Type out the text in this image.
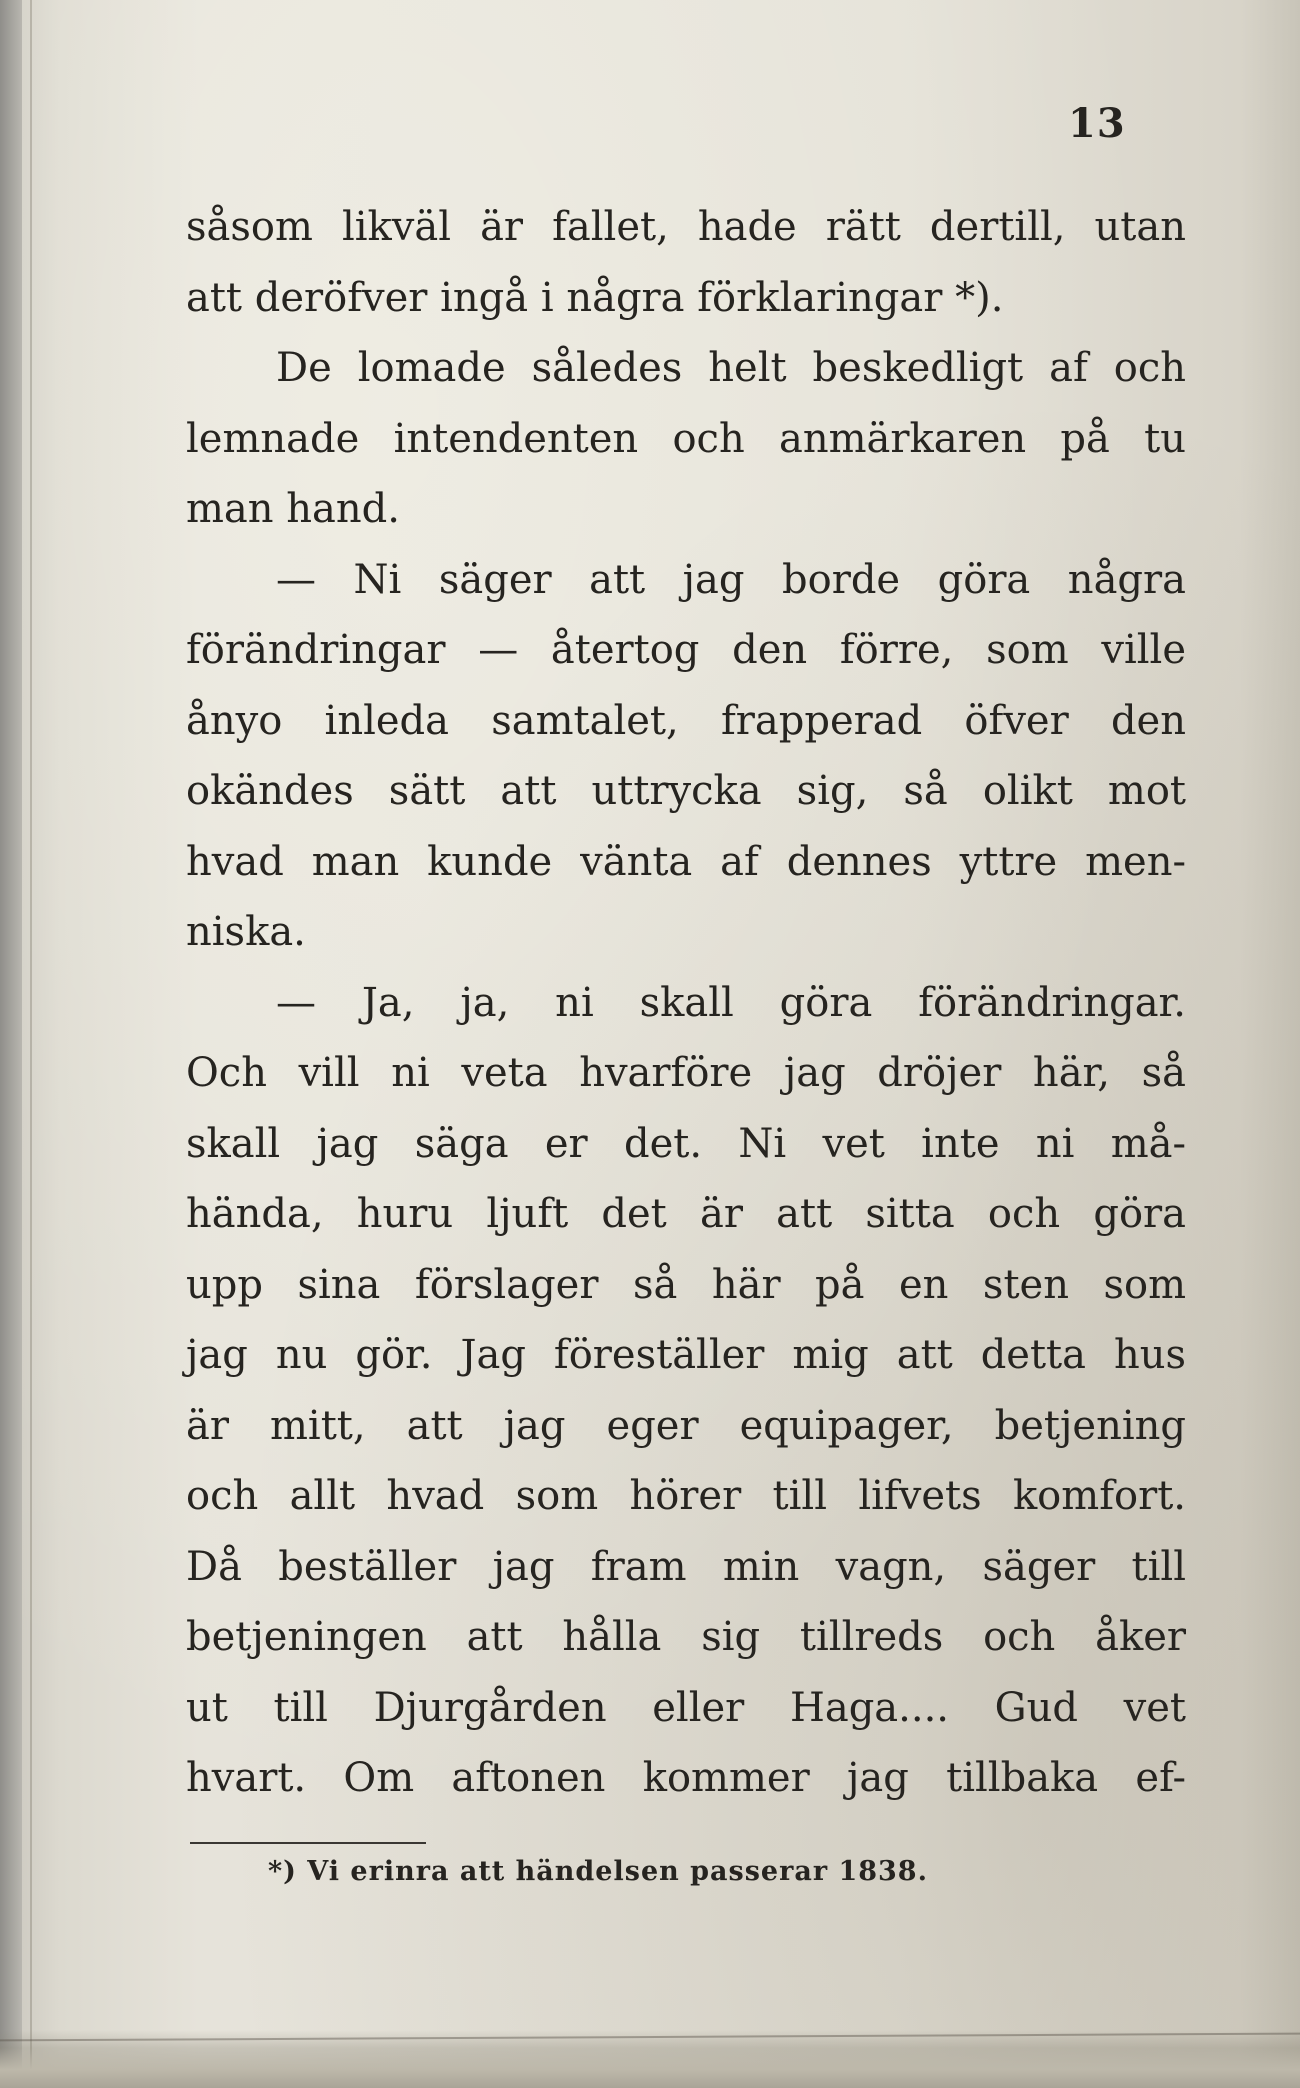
13
såsom likväl är fallet, hade rätt dertill, utan
att deröfver ingå i några förklaringar *).
De lomade således helt beskedligt af och
lemnade intendenten och anmärkaren på tu
man hand.
— Ni säger att jag borde göra några
förändringar — återtog den förre, som ville
ånyo inleda samtalet, frapperad öfver den
okändes sätt att uttrycka sig, så olikt mot
hvad man kunde vänta af dennes yttre men-
niska.
— Ja, ja, ni skall göra förändringar.
Och vill ni veta hvarföre jag dröjer här, så
skall jag säga er det. Ni vet inte ni må-
hända, huru ljuft det är att sitta och göra
upp sina förslager så här på en sten som
jag nu gör. Jag föreställer mig att detta hus
är mitt, att jag eger equipager, betjening
och allt hvad som hörer till lifvets komfort.
Då beställer jag fram min vagn, säger till
betjeningen att hålla sig tillreds och åker
ut till Djurgården eller Haga.... Gud vet
hvart. Om aftonen kommer jag tillbaka ef-
*) Vi erinra att händelsen passerar 1838.
